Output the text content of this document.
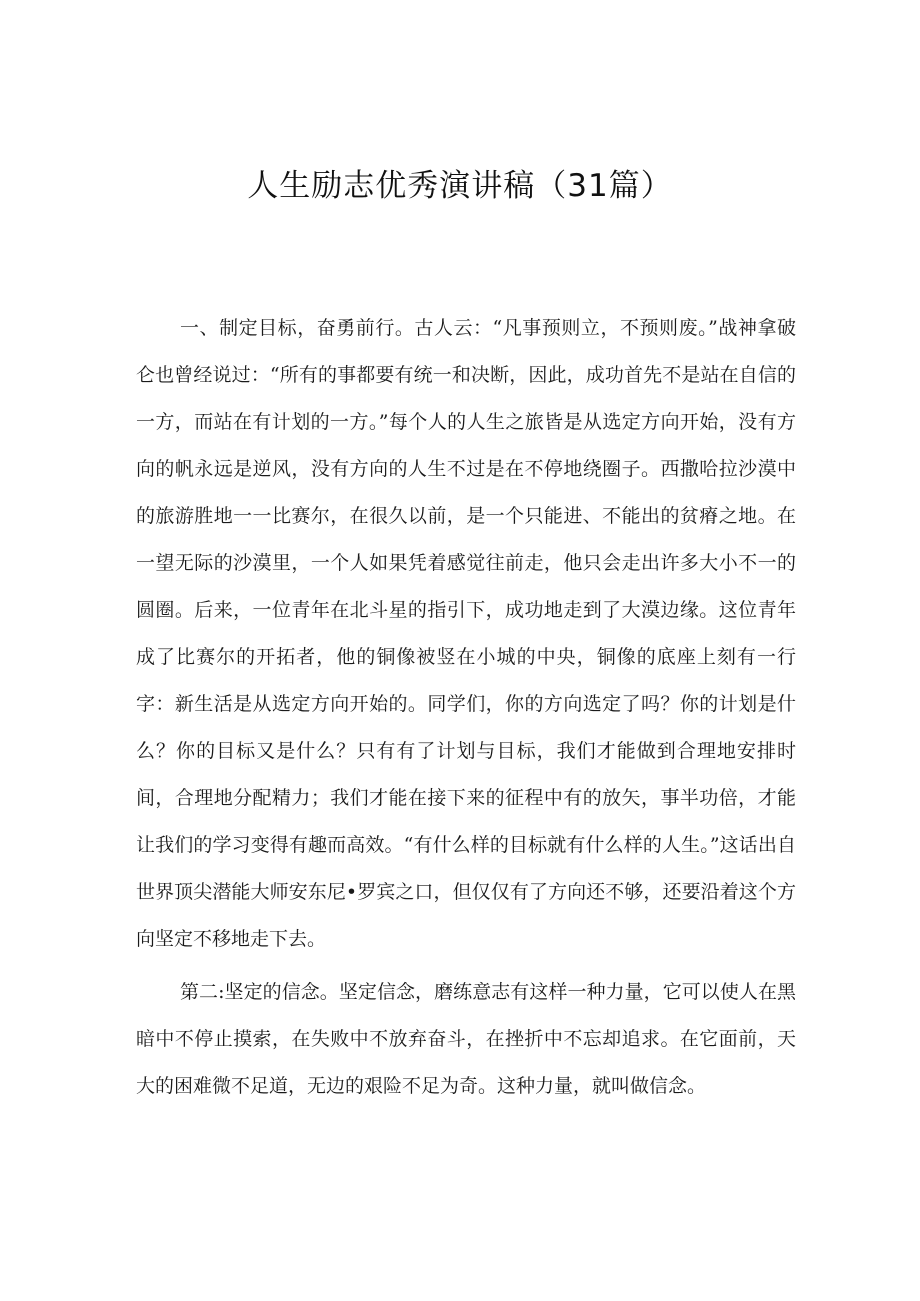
人生励志优秀演讲稿（31篇）

一、制定目标，奋勇前行。古人云：“凡事预则立，不预则废。”战神拿破仑也曾经说过：“所有的事都要有统一和决断，因此，成功首先不是站在自信的一方，而站在有计划的一方。”每个人的人生之旅皆是从选定方向开始，没有方向的帆永远是逆风，没有方向的人生不过是在不停地绕圈子。西撒哈拉沙漠中的旅游胜地一一比赛尔，在很久以前，是一个只能进、不能出的贫瘠之地。在一望无际的沙漠里，一个人如果凭着感觉往前走，他只会走出许多大小不一的圆圈。后来，一位青年在北斗星的指引下，成功地走到了大漠边缘。这位青年成了比赛尔的开拓者，他的铜像被竖在小城的中央，铜像的底座上刻有一行字：新生活是从选定方向开始的。同学们，你的方向选定了吗？你的计划是什么？你的目标又是什么？只有有了计划与目标，我们才能做到合理地安排时间，合理地分配精力；我们才能在接下来的征程中有的放矢，事半功倍，才能让我们的学习变得有趣而高效。“有什么样的目标就有什么样的人生。”这话出自世界顶尖潜能大师安东尼•罗宾之口，但仅仅有了方向还不够，还要沿着这个方向坚定不移地走下去。

第二:坚定的信念。坚定信念，磨练意志有这样一种力量，它可以使人在黑暗中不停止摸索，在失败中不放弃奋斗，在挫折中不忘却追求。在它面前，天大的困难微不足道，无边的艰险不足为奇。这种力量，就叫做信念。
